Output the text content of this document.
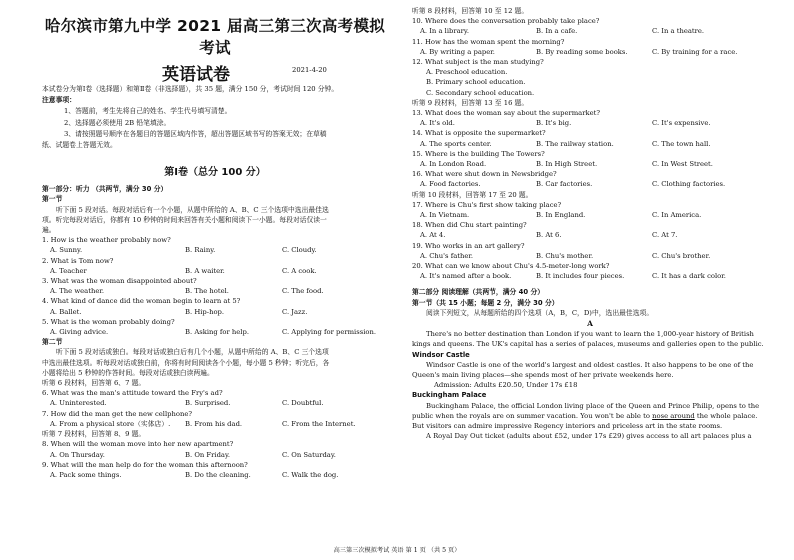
哈尔滨市第九中学 2021 届高三第三次高考模拟考试
英语试卷	2021-4-20
本试卷分为第Ⅰ卷（选择题）和第Ⅱ卷（非选择题），共 35 题，满分 150 分，考试时间 120 分钟。
注意事项：
1、答题前，考生先将自己的姓名、学生代号填写清楚。
2、选择题必须使用 2B 铅笔填涂。
3、请按照题号顺序在各题目的答题区域内作答，超出答题区域书写的答案无效；在草稿
纸、试题卷上答题无效。
第Ⅰ卷（总分 100 分）
第一部分：听力 （共两节，满分 30 分）
第一节
听下面 5 段对话。每段对话后有一个小题，从题中所给的 A、B、C 三个选项中选出最佳选
项。听完每段对话后，你都有 10 秒钟的时间来回答有关小题和阅读下一小题。每段对话仅读一
遍。
1. How is the weather probably now?
A. Sunny.	B. Rainy.	C. Cloudy.
2. What is Tom now?
A. Teacher	B. A waiter.	C. A cook.
3. What was the woman disappointed about?
A. The weather.	B. The hotel.	C. The food.
4. What kind of dance did the woman begin to learn at 5?
A. Ballet.	B. Hip-hop.	C. Jazz.
5. What is the woman probably doing?
A. Giving advice.	B. Asking for help.	C. Applying for permission.
第二节
听下面 5 段对话或独白。每段对话或独白后有几个小题，从题中所给的 A、B、C 三个选项
中选出最佳选项。听每段对话或独白前，你将有时间阅读各个小题，每小题 5 秒钟；听完后，各
小题将给出 5 秒钟的作答时间。每段对话或独白读两遍。
听第 6 段材料，回答第 6、7 题。
6. What was the man's attitude toward the Fry's ad?
A. Uninterested.	B. Surprised.	C. Doubtful.
7. How did the man get the new cellphone?
A. From a physical store（实体店）.	B. From his dad.	C. From the Internet.
听第 7 段材料，回答第 8、9 题。
8. When will the woman move into her new apartment?
A. On Thursday.	B. On Friday.	C. On Saturday.
9. What will the man help do for the woman this afternoon?
A. Pack some things.	B. Do the cleaning.	C. Walk the dog.
听第 8 段材料，回答第 10 至 12 题。
10. Where does the conversation probably take place?
A. In a library.	B. In a cafe.	C. In a theatre.
11. How has the woman spent the morning?
A. By writing a paper.	B. By reading some books.	C. By training for a race.
12. What subject is the man studying?
A. Preschool education.
B. Primary school education.
C. Secondary school education.
听第 9 段材料，回答第 13 至 16 题。
13. What does the woman say about the supermarket?
A. It's old.	B. It's big.	C. It's expensive.
14. What is opposite the supermarket?
A. The sports center.	B. The railway station.	C. The town hall.
15. Where is the building The Towers?
A. In London Road.	B. In High Street.	C. In West Street.
16. What were shut down in Newsbridge?
A. Food factories.	B. Car factories.	C. Clothing factories.
听第 10 段材料，回答第 17 至 20 题。
17. Where is Chu's first show taking place?
A. In Vietnam.	B. In England.	C. In America.
18. When did Chu start painting?
A. At 4.	B. At 6.	C. At 7.
19. Who works in an art gallery?
A. Chu's father.	B. Chu's mother.	C. Chu's brother.
20. What can we know about Chu's 4.5-meter-long work?
A. It's named after a book.	B. It includes four pieces.	C. It has a dark color.
第二部分 阅读理解（共两节，满分 40 分）
第一节（共 15 小题；每题 2 分，满分 30 分）
阅读下列短文，从每题所给的四个选项（A，B，C，D)中，选出最佳选项。
A
There's no better destination than London if you want to learn the 1,000-year history of British
kings and queens. The UK's capital has a series of palaces, museums and galleries open to the public.
Windsor Castle
Windsor Castle is one of the world's largest and oldest castles. It also happens to be one of the
Queen's main living places—she spends most of her private weekends here.
Admission: Adults £20.50, Under 17s £18
Buckingham Palace
Buckingham Palace, the official London living place of the Queen and Prince Philip, opens to the
public when the royals are on summer vacation. You won't be able to nose around the whole palace.
But visitors can admire impressive Regency interiors and priceless art in the state rooms.
A Royal Day Out ticket (adults about £52, under 17s £29) gives access to all art palaces plus a
高三第三次模拟考试 英语 第 1 页 （共 5 页）
